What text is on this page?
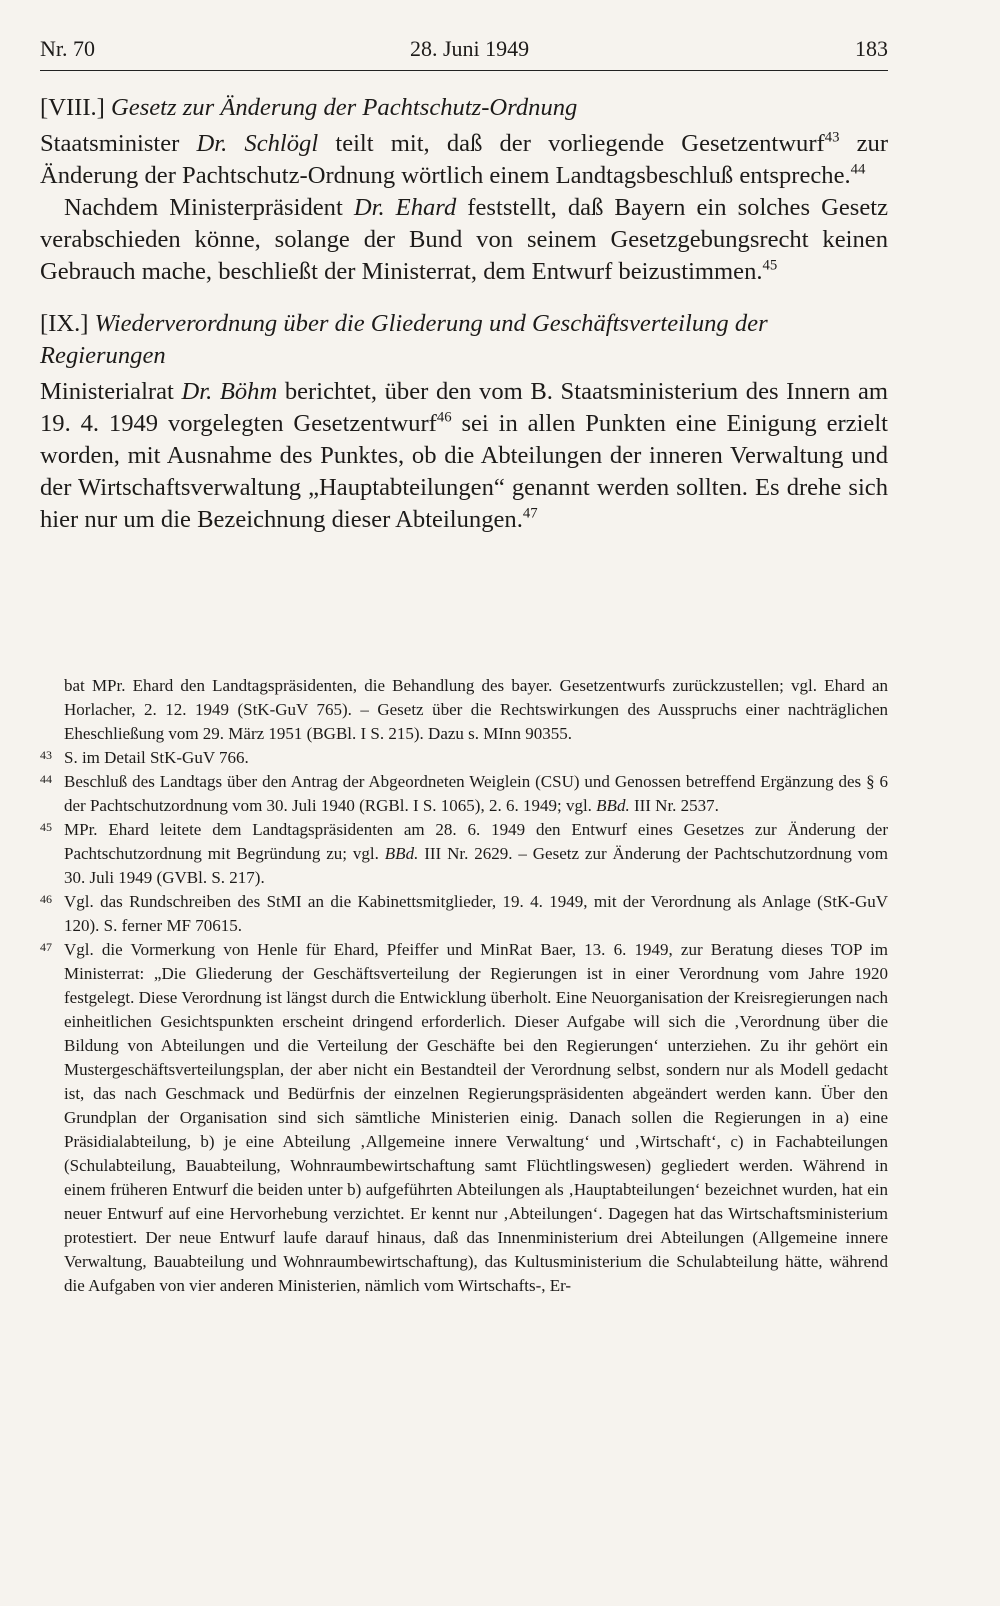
Nr. 70	28. Juni 1949	183
[VIII.] Gesetz zur Änderung der Pachtschutz-Ordnung

Staatsminister Dr. Schlögl teilt mit, daß der vorliegende Gesetzentwurf$^{43}$ zur Änderung der Pachtschutz-Ordnung wörtlich einem Landtagsbeschluß entspreche.$^{44}$

Nachdem Ministerpräsident Dr. Ehard feststellt, daß Bayern ein solches Gesetz verabschieden könne, solange der Bund von seinem Gesetzgebungsrecht keinen Gebrauch mache, beschließt der Ministerrat, dem Entwurf beizustimmen.$^{45}$

[IX.] Wiederverordnung über die Gliederung und Geschäftsverteilung der Regierungen

Ministerialrat Dr. Böhm berichtet, über den vom B. Staatsministerium des Innern am 19. 4. 1949 vorgelegten Gesetzentwurf$^{46}$ sei in allen Punkten eine Einigung erzielt worden, mit Ausnahme des Punktes, ob die Abteilungen der inneren Verwaltung und der Wirtschaftsverwaltung „Hauptabteilungen“ genannt werden sollten. Es drehe sich hier nur um die Bezeichnung dieser Abteilungen.$^{47}$

bat MPr. Ehard den Landtagspräsidenten, die Behandlung des bayer. Gesetzentwurfs zurückzustellen; vgl. Ehard an Horlacher, 2. 12. 1949 (StK-GuV 765). – Gesetz über die Rechtswirkungen des Ausspruchs einer nachträglichen Eheschließung vom 29. März 1951 (BGBl. I S. 215). Dazu s. MInn 90355.

43 S. im Detail StK-GuV 766.

44 Beschluß des Landtags über den Antrag der Abgeordneten Weiglein (CSU) und Genossen betreffend Ergänzung des § 6 der Pachtschutzordnung vom 30. Juli 1940 (RGBl. I S. 1065), 2. 6. 1949; vgl. BBd. III Nr. 2537.

45 MPr. Ehard leitete dem Landtagspräsidenten am 28. 6. 1949 den Entwurf eines Gesetzes zur Änderung der Pachtschutzordnung mit Begründung zu; vgl. BBd. III Nr. 2629. – Gesetz zur Änderung der Pachtschutzordnung vom 30. Juli 1949 (GVBl. S. 217).

46 Vgl. das Rundschreiben des StMI an die Kabinettsmitglieder, 19. 4. 1949, mit der Verordnung als Anlage (StK-GuV 120). S. ferner MF 70615.

47 Vgl. die Vormerkung von Henle für Ehard, Pfeiffer und MinRat Baer, 13. 6. 1949, zur Beratung dieses TOP im Ministerrat: „Die Gliederung der Geschäftsverteilung der Regierungen ist in einer Verordnung vom Jahre 1920 festgelegt. Diese Verordnung ist längst durch die Entwicklung überholt. Eine Neuorganisation der Kreisregierungen nach einheitlichen Gesichtspunkten erscheint dringend erforderlich. Dieser Aufgabe will sich die ‚Verordnung über die Bildung von Abteilungen und die Verteilung der Geschäfte bei den Regierungen‘ unterziehen. Zu ihr gehört ein Mustergeschäftsverteilungsplan, der aber nicht ein Bestandteil der Verordnung selbst, sondern nur als Modell gedacht ist, das nach Geschmack und Bedürfnis der einzelnen Regierungspräsidenten abgeändert werden kann. Über den Grundplan der Organisation sind sich sämtliche Ministerien einig. Danach sollen die Regierungen in a) eine Präsidialabteilung, b) je eine Abteilung ‚Allgemeine innere Verwaltung‘ und ‚Wirtschaft‘, c) in Fachabteilungen (Schulabteilung, Bauabteilung, Wohnraumbewirtschaftung samt Flüchtlingswesen) gegliedert werden. Während in einem früheren Entwurf die beiden unter b) aufgeführten Abteilungen als ‚Hauptabteilungen‘ bezeichnet wurden, hat ein neuer Entwurf auf eine Hervorhebung verzichtet. Er kennt nur ‚Abteilungen‘. Dagegen hat das Wirtschaftsministerium protestiert. Der neue Entwurf laufe darauf hinaus, daß das Innenministerium drei Abteilungen (Allgemeine innere Verwaltung, Bauabteilung und Wohnraumbewirtschaftung), das Kultusministerium die Schulabteilung hätte, während die Aufgaben von vier anderen Ministerien, nämlich vom Wirtschafts-, Er-
